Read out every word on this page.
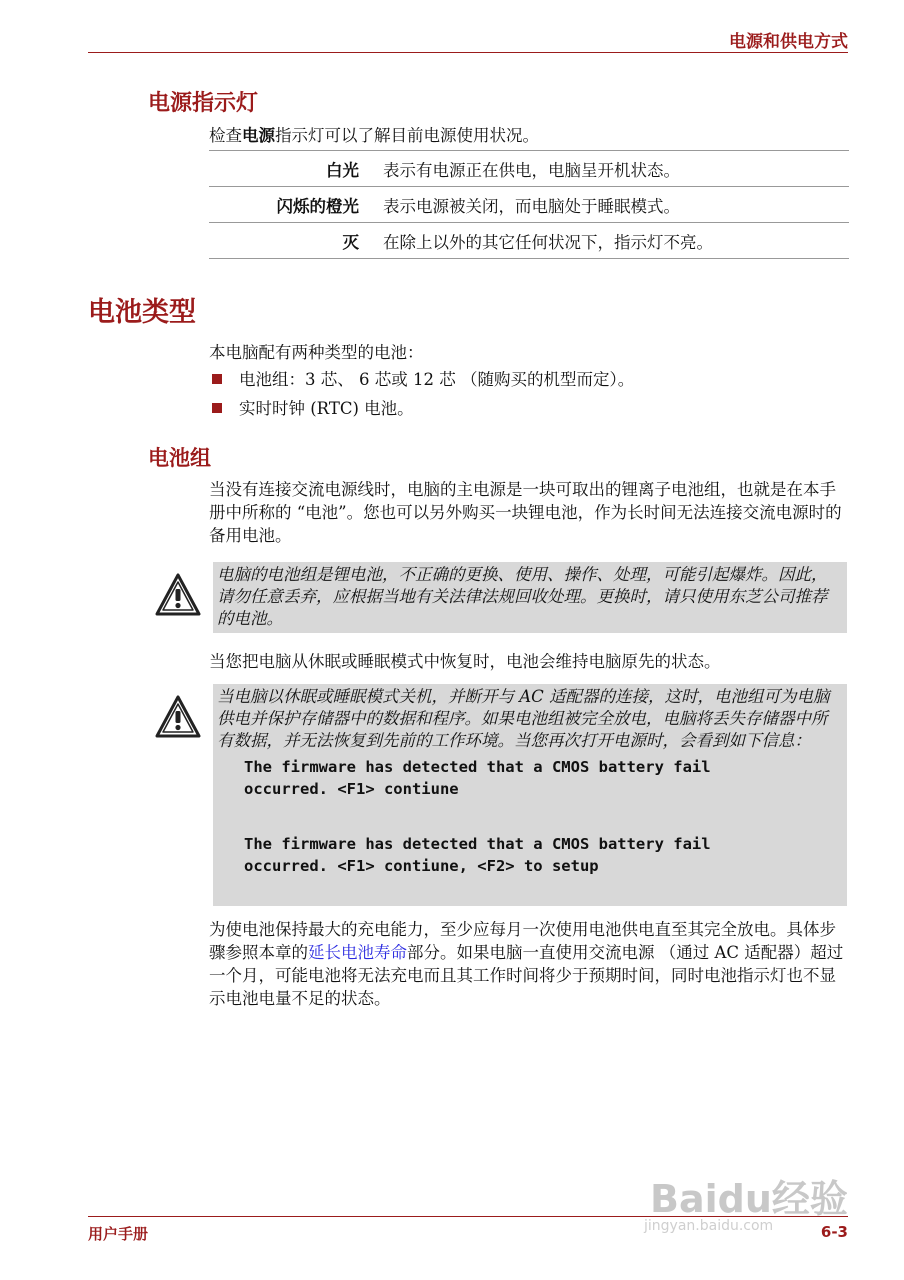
电源和供电方式
电源指示灯
检查电源指示灯可以了解目前电源使用状况。
白光	表示有电源正在供电，电脑呈开机状态。
闪烁的橙光	表示电源被关闭，而电脑处于睡眠模式。
灭	在除上以外的其它任何状况下，指示灯不亮。
电池类型
本电脑配有两种类型的电池：
电池组：3 芯、 6 芯或 12 芯 （随购买的机型而定）。
实时时钟 (RTC) 电池。
电池组
当没有连接交流电源线时，电脑的主电源是一块可取出的锂离子电池组，也就是在本手册中所称的 “电池”。您也可以另外购买一块锂电池，作为长时间无法连接交流电源时的备用电池。
电脑的电池组是锂电池，不正确的更换、使用、操作、处理，可能引起爆炸。因此，请勿任意丢弃，应根据当地有关法律法规回收处理。更换时，请只使用东芝公司推荐的电池。
当您把电脑从休眠或睡眠模式中恢复时，电池会维持电脑原先的状态。
当电脑以休眠或睡眠模式关机，并断开与 AC 适配器的连接，这时，电池组可为电脑供电并保护存储器中的数据和程序。如果电池组被完全放电，电脑将丢失存储器中所有数据，并无法恢复到先前的工作环境。当您再次打开电源时，会看到如下信息：
The firmware has detected that a CMOS battery fail
occurred. <F1> contiune
The firmware has detected that a CMOS battery fail
occurred. <F1> contiune, <F2> to setup
为使电池保持最大的充电能力，至少应每月一次使用电池供电直至其完全放电。具体步骤参照本章的延长电池寿命部分。如果电脑一直使用交流电源 （通过 AC 适配器）超过一个月，可能电池将无法充电而且其工作时间将少于预期时间，同时电池指示灯也不显示电池电量不足的状态。
Baidu经验
jingyan.baidu.com
用户手册	6-3
